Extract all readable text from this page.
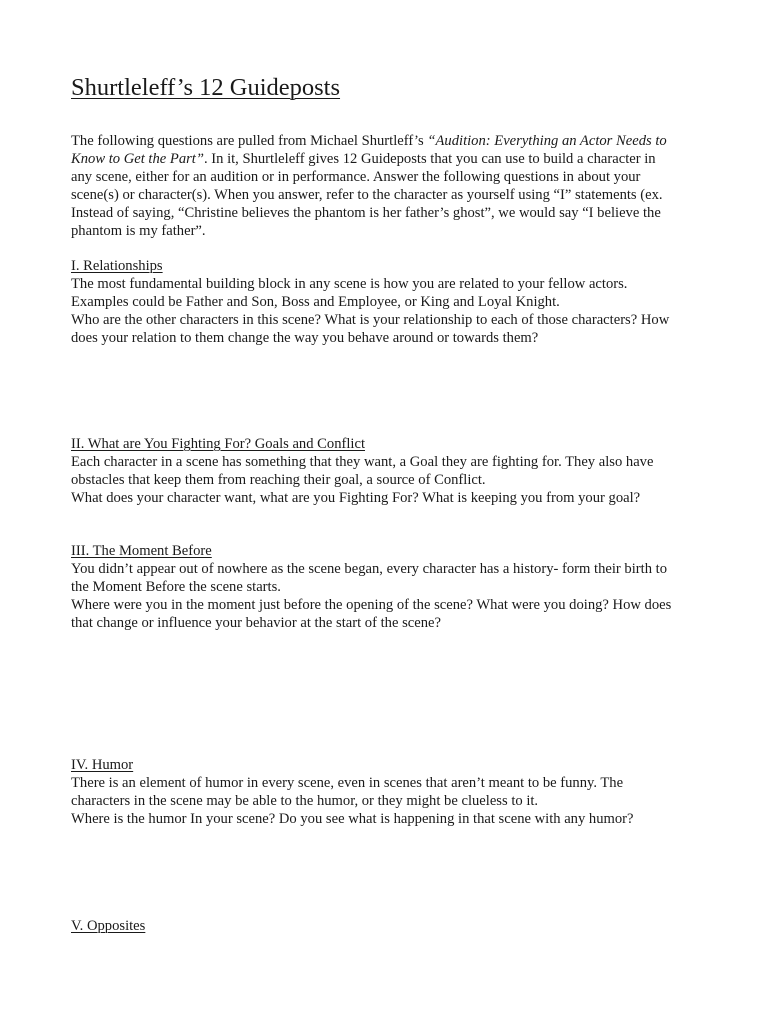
Shurtleleff’s 12 Guideposts
The following questions are pulled from Michael Shurtleff’s “Audition: Everything an Actor Needs to
Know to Get the Part”. In it, Shurtleleff gives 12 Guideposts that you can use to build a character in
any scene, either for an audition or in performance. Answer the following questions in about your
scene(s) or character(s). When you answer, refer to the character as yourself using “I” statements (ex.
Instead of saying, “Christine believes the phantom is her father’s ghost”, we would say “I believe the
phantom is my father”.
I. Relationships
The most fundamental building block in any scene is how you are related to your fellow actors.
Examples could be Father and Son, Boss and Employee, or King and Loyal Knight.
Who are the other characters in this scene? What is your relationship to each of those characters? How
does your relation to them change the way you behave around or towards them?
II. What are You Fighting For? Goals and Conflict
Each character in a scene has something that they want, a Goal they are fighting for. They also have
obstacles that keep them from reaching their goal, a source of Conflict.
What does your character want, what are you Fighting For? What is keeping you from your goal?
III. The Moment Before
You didn’t appear out of nowhere as the scene began, every character has a history- form their birth to
the Moment Before the scene starts.
Where were you in the moment just before the opening of the scene? What were you doing? How does
that change or influence your behavior at the start of the scene?
IV. Humor
There is an element of humor in every scene, even in scenes that aren’t meant to be funny. The
characters in the scene may be able to the humor, or they might be clueless to it.
Where is the humor In your scene? Do you see what is happening in that scene with any humor?
V. Opposites
